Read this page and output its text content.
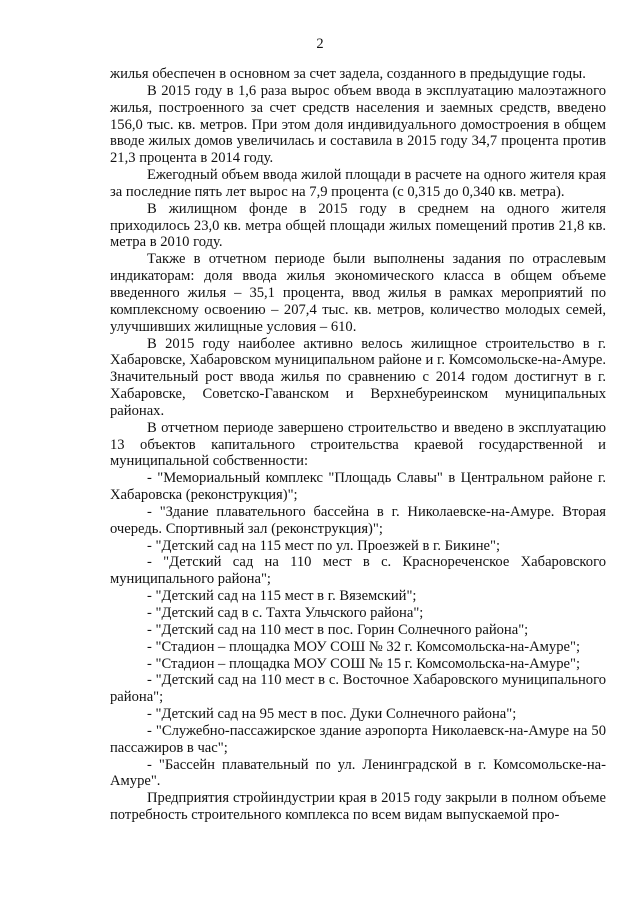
2

жилья обеспечен в основном за счет задела, созданного в предыдущие годы.

В 2015 году в 1,6 раза вырос объем ввода в эксплуатацию малоэтажного жилья, построенного за счет средств населения и заемных средств, введено 156,0 тыс. кв. метров. При этом доля индивидуального домостроения в общем вводе жилых домов увеличилась и составила в 2015 году 34,7 процента против 21,3 процента в 2014 году.

Ежегодный объем ввода жилой площади в расчете на одного жителя края за последние пять лет вырос на 7,9 процента (с 0,315 до 0,340 кв. метра).

В жилищном фонде в 2015 году в среднем на одного жителя приходилось 23,0 кв. метра общей площади жилых помещений против 21,8 кв. метра в 2010 году.

Также в отчетном периоде были выполнены задания по отраслевым индикаторам: доля ввода жилья экономического класса в общем объеме введенного жилья – 35,1 процента, ввод жилья в рамках мероприятий по комплексному освоению – 207,4 тыс. кв. метров, количество молодых семей, улучшивших жилищные условия – 610.

В 2015 году наиболее активно велось жилищное строительство в г. Хабаровске, Хабаровском муниципальном районе и г. Комсомольске-на-Амуре. Значительный рост ввода жилья по сравнению с 2014 годом достигнут в г. Хабаровске, Советско-Гаванском и Верхнебуреинском муниципальных районах.

В отчетном периоде завершено строительство и введено в эксплуатацию 13 объектов капитального строительства краевой государственной и муниципальной собственности:

- "Мемориальный комплекс "Площадь Славы" в Центральном районе г. Хабаровска (реконструкция)";
- "Здание плавательного бассейна в г. Николаевске-на-Амуре. Вторая очередь. Спортивный зал (реконструкция)";
- "Детский сад на 115 мест по ул. Проезжей в г. Бикине";
- "Детский сад на 110 мест в с. Краснореченское Хабаровского муниципального района";
- "Детский сад на 115 мест в г. Вяземский";
- "Детский сад в с. Тахта Ульчского района";
- "Детский сад на 110 мест в пос. Горин Солнечного района";
- "Стадион – площадка МОУ СОШ № 32 г. Комсомольска-на-Амуре";
- "Стадион – площадка МОУ СОШ № 15 г. Комсомольска-на-Амуре";
- "Детский сад на 110 мест в с. Восточное Хабаровского муниципального района";
- "Детский сад на 95 мест в пос. Дуки Солнечного района";
- "Служебно-пассажирское здание аэропорта Николаевск-на-Амуре на 50 пассажиров в час";
- "Бассейн плавательный по ул. Ленинградской в г. Комсомольске-на-Амуре".

Предприятия стройиндустрии края в 2015 году закрыли в полном объеме потребность строительного комплекса по всем видам выпускаемой про-
